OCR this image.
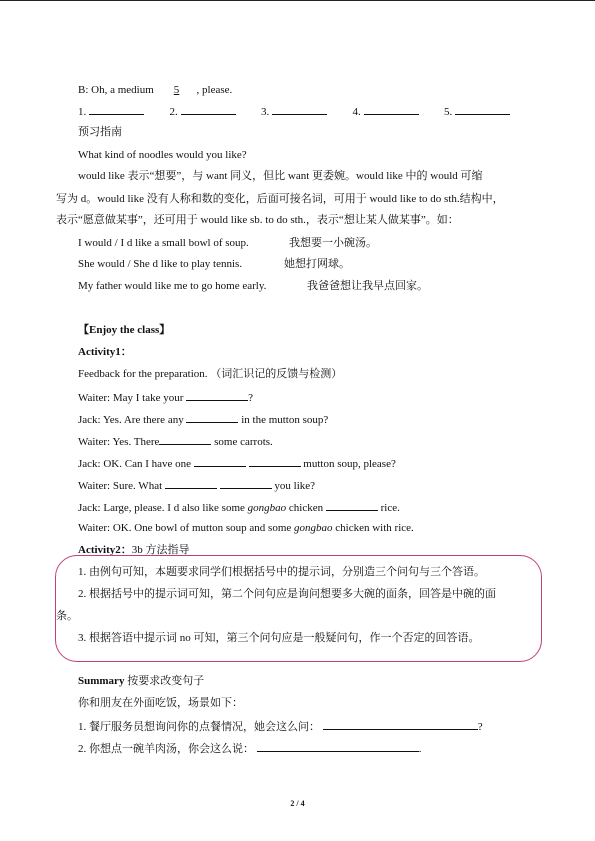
B: Oh, a medium 5 , please.
1.	2.	3.	4.	5.
预习指南
What kind of noodles would you like?
would like 表示“想要”，与 want 同义，但比 want 更委婉。would like 中的 would 可缩
写为 d。would like 没有人称和数的变化，后面可接名词，可用于 would like to do sth.结构中，
表示“愿意做某事”，还可用于 would like sb. to do sth.，表示“想让某人做某事”。如：
I would / I d like a small bowl of soup.	我想要一小碗汤。
She would / She d like to play tennis.	她想打网球。
My father would like me to go home early.	我爸爸想让我早点回家。
【Enjoy the class】
Activity1：
Feedback for the preparation. （词汇识记的反馈与检测）
Waiter: May I take your	?
Jack: Yes. Are there any	in the mutton soup?
Waiter: Yes. There	some carrots.
Jack: OK. Can I have one	mutton soup, please?
Waiter: Sure. What	you like?
Jack: Large, please. I d also like some gongbao chicken	rice.
Waiter: OK. One bowl of mutton soup and some gongbao chicken with rice.
Activity2：3b 方法指导
1. 由例句可知，本题要求同学们根据括号中的提示词，分别造三个问句与三个答语。
2. 根据括号中的提示词可知，第二个问句应是询问想要多大碗的面条，回答是中碗的面
条。
3. 根据答语中提示词 no 可知，第三个问句应是一般疑问句，作一个否定的回答语。
Summary 按要求改变句子
你和朋友在外面吃饭，场景如下：
1. 餐厅服务员想询问你的点餐情况，她会这么问：	?
2. 你想点一碗羊肉汤，你会这么说：	.
2 / 4
